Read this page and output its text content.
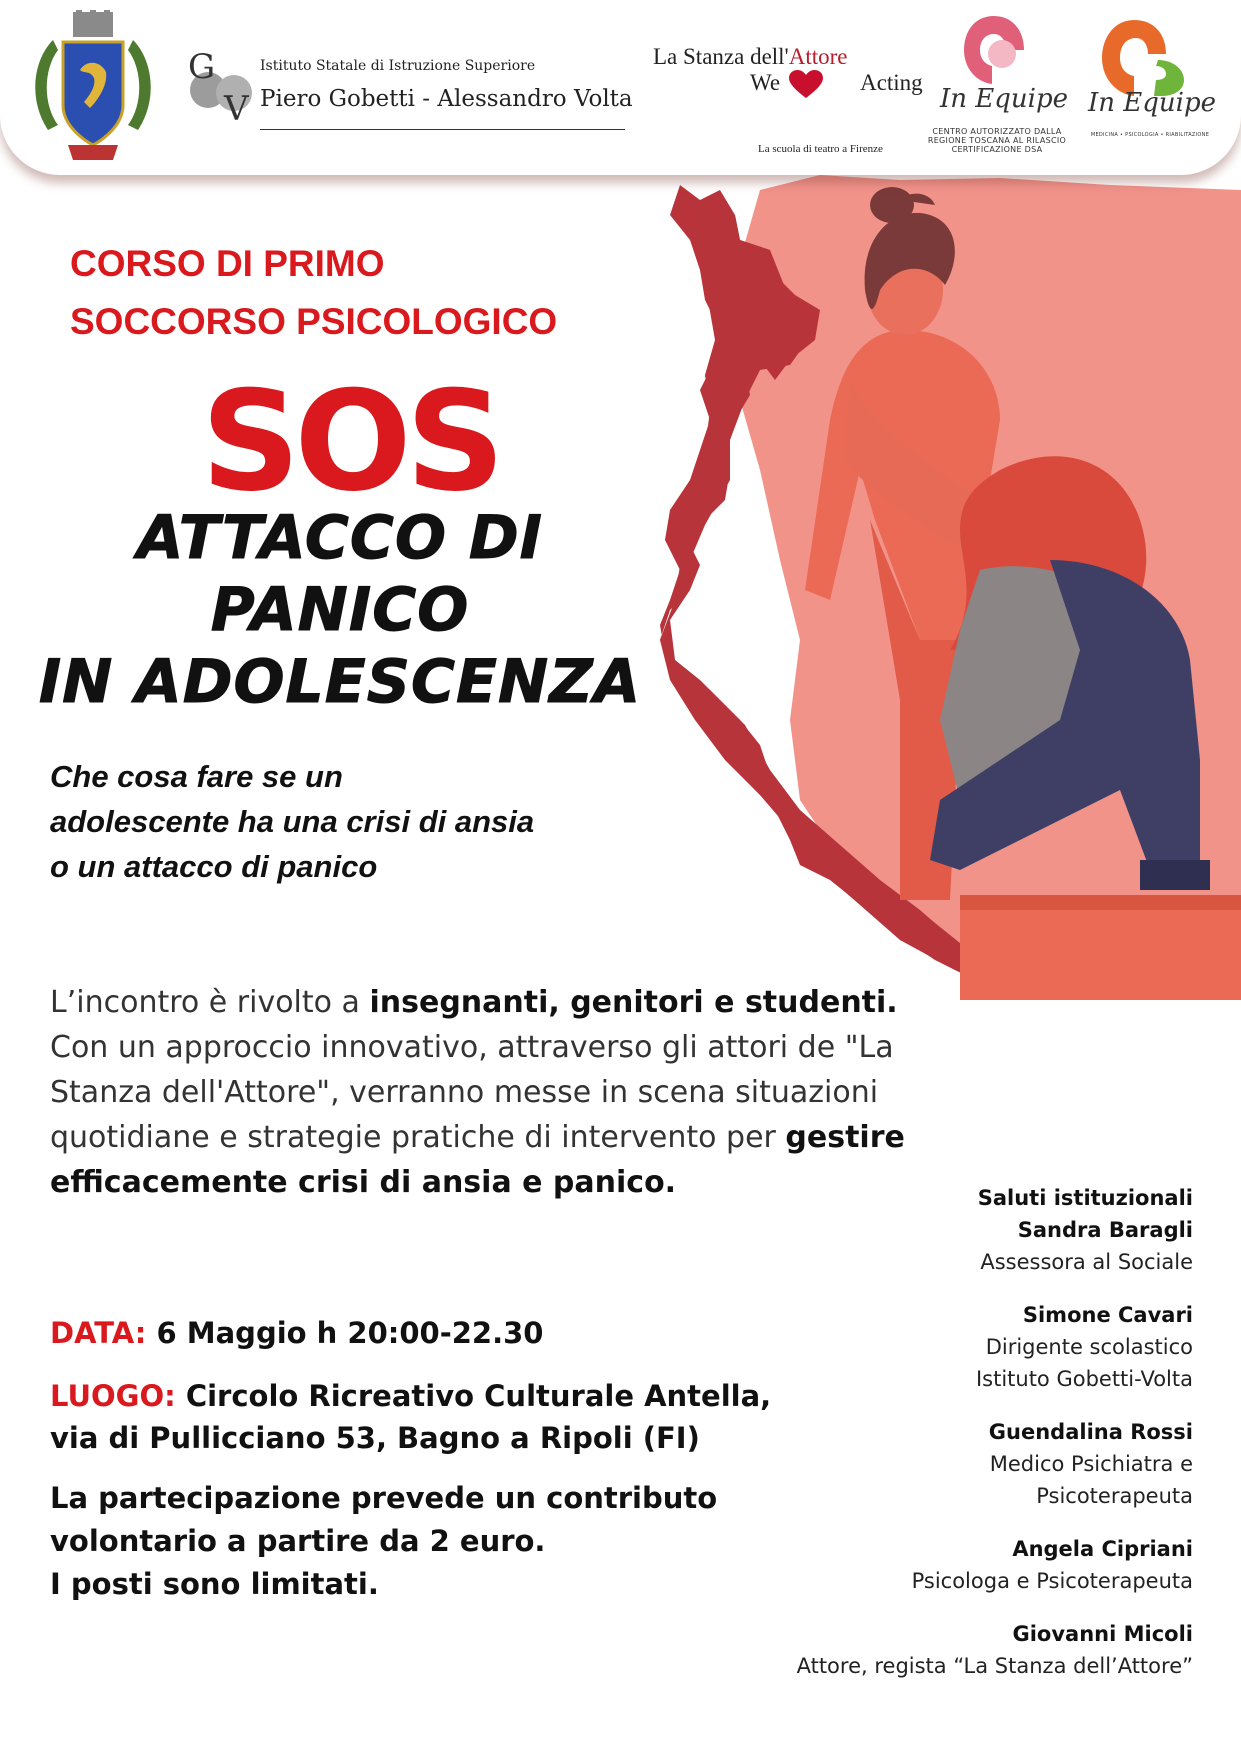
G
V
Istituto Statale di Istruzione Superiore
Piero Gobetti - Alessandro Volta
La Stanza dell'Attore
We	Acting
La scuola di teatro a Firenze
In Equipe
CENTRO AUTORIZZATO DALLA REGIONE TOSCANA AL RILASCIO CERTIFICAZIONE DSA
In Equipe
MEDICINA • PSICOLOGIA • RIABILITAZIONE
CORSO DI PRIMO
SOCCORSO PSICOLOGICO
SOS
ATTACCO DI
PANICO
IN ADOLESCENZA
Che cosa fare se un
adolescente ha una crisi di ansia
o un attacco di panico
L’incontro è rivolto a insegnanti, genitori e studenti.
Con un approccio innovativo, attraverso gli attori de "La Stanza dell'Attore", verranno messe in scena situazioni quotidiane e strategie pratiche di intervento per gestire efficacemente crisi di ansia e panico.
DATA: 6 Maggio h 20:00-22.30
LUOGO: Circolo Ricreativo Culturale Antella,
via di Pullicciano 53, Bagno a Ripoli (FI)
La partecipazione prevede un contributo
volontario a partire da 2 euro.
I posti sono limitati.
Saluti istituzionali
Sandra Baragli
Assessora al Sociale
Simone Cavari
Dirigente scolastico
Istituto Gobetti-Volta
Guendalina Rossi
Medico Psichiatra e
Psicoterapeuta
Angela Cipriani
Psicologa e Psicoterapeuta
Giovanni Micoli
Attore, regista “La Stanza dell’Attore”
